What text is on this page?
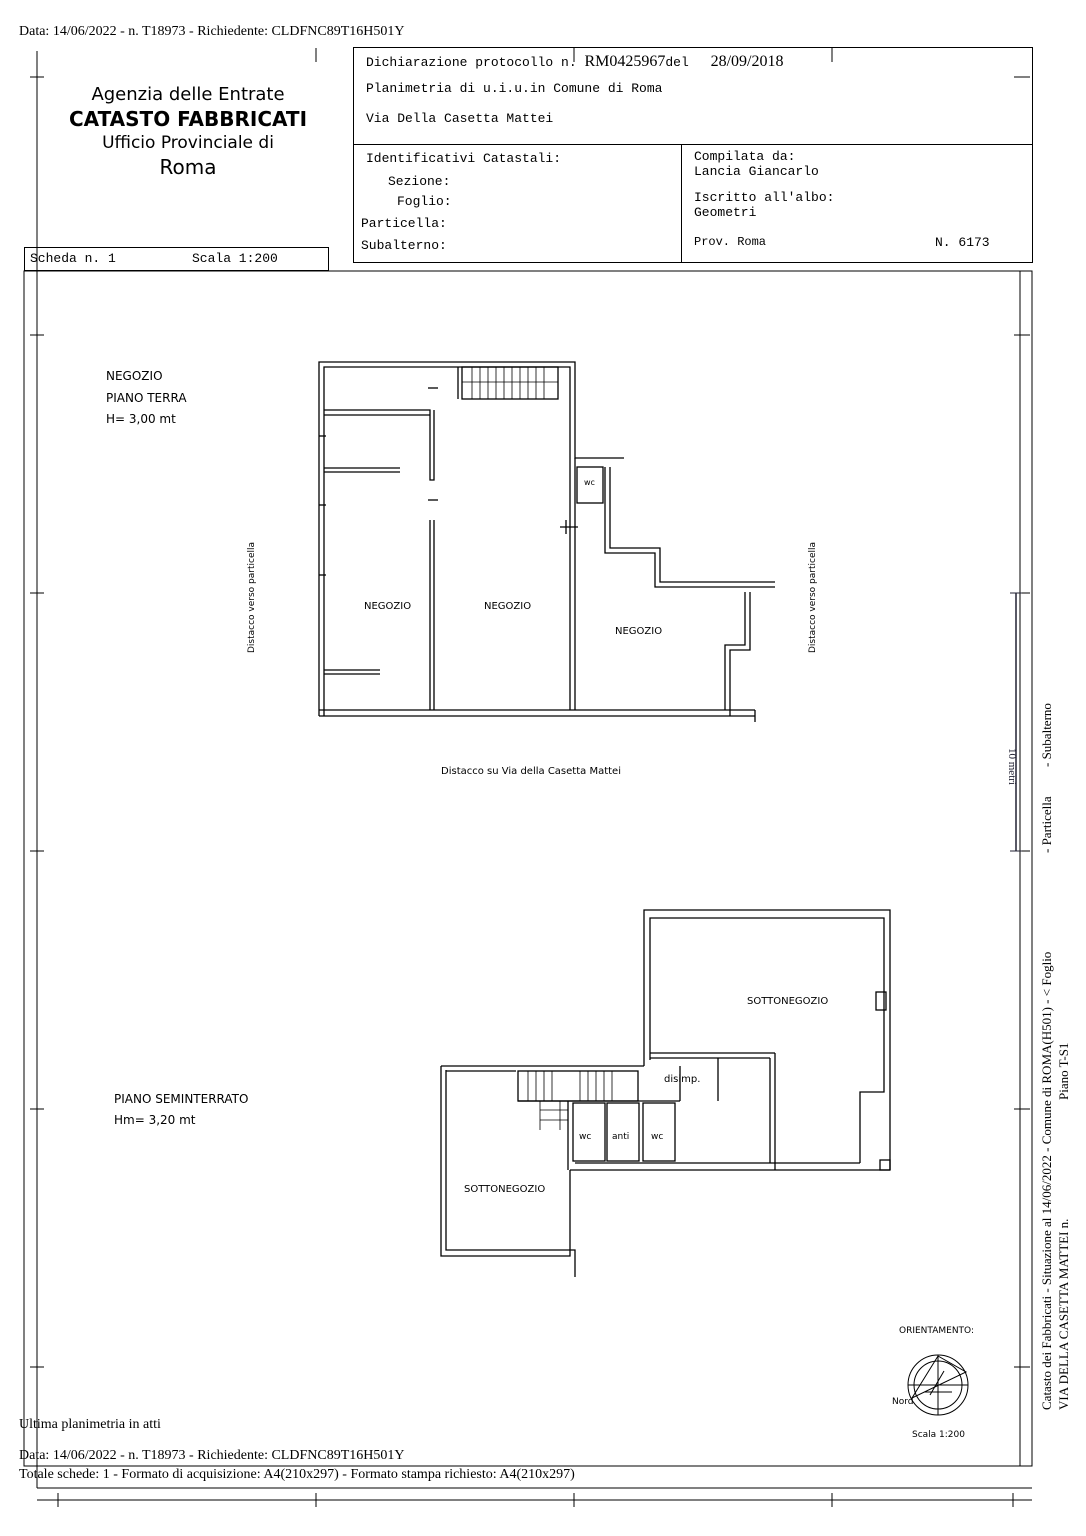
Data: 14/06/2022 - n. T18973 - Richiedente: CLDFNC89T16H501Y
Agenzia delle Entrate
CATASTO FABBRICATI
Ufficio Provinciale di
Roma
Dichiarazione protocollo n. RM0425967del 28/09/2018
Planimetria di u.i.u.in Comune di Roma
Via Della Casetta Mattei
Identificativi Catastali:
Sezione:
Foglio:
Particella:
Subalterno:
Compilata da:
Lancia Giancarlo
Iscritto all'albo:
Geometri
Prov. Roma	N. 6173
Scheda n. 1	Scala 1:200
NEGOZIO
PIANO TERRA
H= 3,00 mt
NEGOZIO	NEGOZIO
NEGOZIO
wc
Distacco verso particella	Distacco verso particella
Distacco su Via della Casetta Mattei
PIANO SEMINTERRATO
Hm= 3,20 mt
SOTTONEGOZIO
SOTTONEGOZIO
disimp.
wc anti wc
ORIENTAMENTO:
Nord
Scala 1:200
10 metri
Catasto dei Fabbricati - Situazione al 14/06/2022 - Comune di ROMA(H501) - < Foglio
- Particella
- Subalterno
VIA DELLA CASETTA MATTEI n.
Piano T-S1
Ultima planimetria in atti
Data: 14/06/2022 - n. T18973 - Richiedente: CLDFNC89T16H501Y
Totale schede: 1 - Formato di acquisizione: A4(210x297) - Formato stampa richiesto: A4(210x297)
